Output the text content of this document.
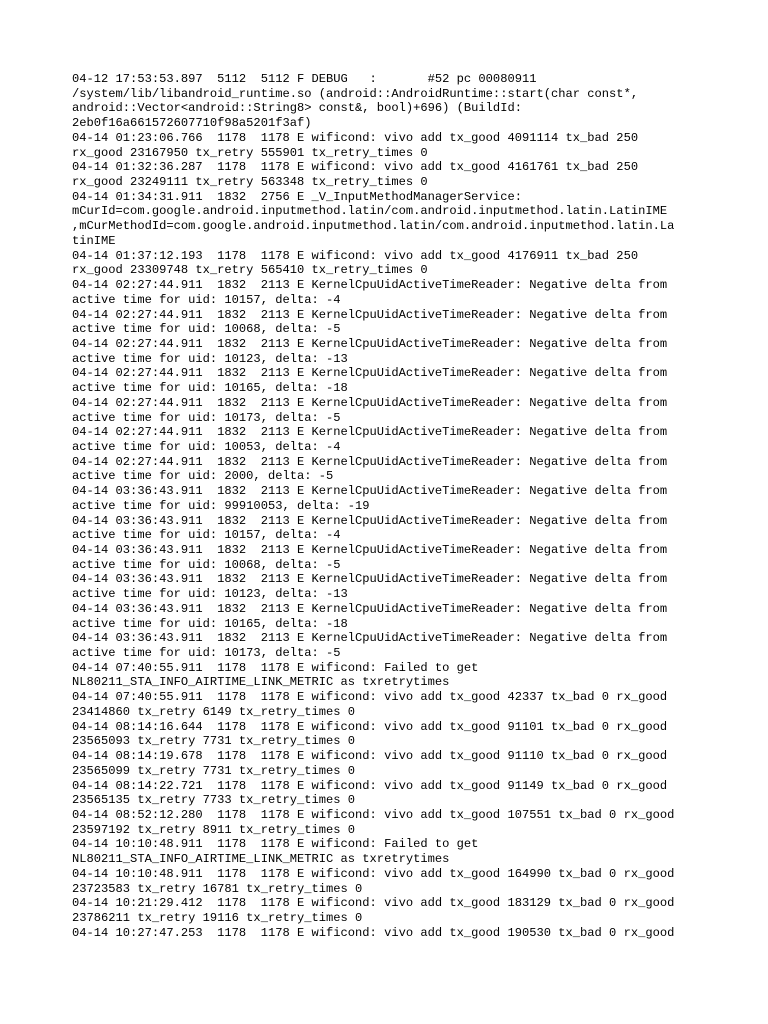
04-12 17:53:53.897  5112  5112 F DEBUG   :       #52 pc 00080911
/system/lib/libandroid_runtime.so (android::AndroidRuntime::start(char const*,
android::Vector<android::String8> const&, bool)+696) (BuildId:
2eb0f16a661572607710f98a5201f3af)
04-14 01:23:06.766  1178  1178 E wificond: vivo add tx_good 4091114 tx_bad 250
rx_good 23167950 tx_retry 555901 tx_retry_times 0
04-14 01:32:36.287  1178  1178 E wificond: vivo add tx_good 4161761 tx_bad 250
rx_good 23249111 tx_retry 563348 tx_retry_times 0
04-14 01:34:31.911  1832  2756 E _V_InputMethodManagerService:
mCurId=com.google.android.inputmethod.latin/com.android.inputmethod.latin.LatinIME
,mCurMethodId=com.google.android.inputmethod.latin/com.android.inputmethod.latin.La
tinIME
04-14 01:37:12.193  1178  1178 E wificond: vivo add tx_good 4176911 tx_bad 250
rx_good 23309748 tx_retry 565410 tx_retry_times 0
04-14 02:27:44.911  1832  2113 E KernelCpuUidActiveTimeReader: Negative delta from
active time for uid: 10157, delta: -4
04-14 02:27:44.911  1832  2113 E KernelCpuUidActiveTimeReader: Negative delta from
active time for uid: 10068, delta: -5
04-14 02:27:44.911  1832  2113 E KernelCpuUidActiveTimeReader: Negative delta from
active time for uid: 10123, delta: -13
04-14 02:27:44.911  1832  2113 E KernelCpuUidActiveTimeReader: Negative delta from
active time for uid: 10165, delta: -18
04-14 02:27:44.911  1832  2113 E KernelCpuUidActiveTimeReader: Negative delta from
active time for uid: 10173, delta: -5
04-14 02:27:44.911  1832  2113 E KernelCpuUidActiveTimeReader: Negative delta from
active time for uid: 10053, delta: -4
04-14 02:27:44.911  1832  2113 E KernelCpuUidActiveTimeReader: Negative delta from
active time for uid: 2000, delta: -5
04-14 03:36:43.911  1832  2113 E KernelCpuUidActiveTimeReader: Negative delta from
active time for uid: 99910053, delta: -19
04-14 03:36:43.911  1832  2113 E KernelCpuUidActiveTimeReader: Negative delta from
active time for uid: 10157, delta: -4
04-14 03:36:43.911  1832  2113 E KernelCpuUidActiveTimeReader: Negative delta from
active time for uid: 10068, delta: -5
04-14 03:36:43.911  1832  2113 E KernelCpuUidActiveTimeReader: Negative delta from
active time for uid: 10123, delta: -13
04-14 03:36:43.911  1832  2113 E KernelCpuUidActiveTimeReader: Negative delta from
active time for uid: 10165, delta: -18
04-14 03:36:43.911  1832  2113 E KernelCpuUidActiveTimeReader: Negative delta from
active time for uid: 10173, delta: -5
04-14 07:40:55.911  1178  1178 E wificond: Failed to get
NL80211_STA_INFO_AIRTIME_LINK_METRIC as txretrytimes
04-14 07:40:55.911  1178  1178 E wificond: vivo add tx_good 42337 tx_bad 0 rx_good
23414860 tx_retry 6149 tx_retry_times 0
04-14 08:14:16.644  1178  1178 E wificond: vivo add tx_good 91101 tx_bad 0 rx_good
23565093 tx_retry 7731 tx_retry_times 0
04-14 08:14:19.678  1178  1178 E wificond: vivo add tx_good 91110 tx_bad 0 rx_good
23565099 tx_retry 7731 tx_retry_times 0
04-14 08:14:22.721  1178  1178 E wificond: vivo add tx_good 91149 tx_bad 0 rx_good
23565135 tx_retry 7733 tx_retry_times 0
04-14 08:52:12.280  1178  1178 E wificond: vivo add tx_good 107551 tx_bad 0 rx_good
23597192 tx_retry 8911 tx_retry_times 0
04-14 10:10:48.911  1178  1178 E wificond: Failed to get
NL80211_STA_INFO_AIRTIME_LINK_METRIC as txretrytimes
04-14 10:10:48.911  1178  1178 E wificond: vivo add tx_good 164990 tx_bad 0 rx_good
23723583 tx_retry 16781 tx_retry_times 0
04-14 10:21:29.412  1178  1178 E wificond: vivo add tx_good 183129 tx_bad 0 rx_good
23786211 tx_retry 19116 tx_retry_times 0
04-14 10:27:47.253  1178  1178 E wificond: vivo add tx_good 190530 tx_bad 0 rx_good
